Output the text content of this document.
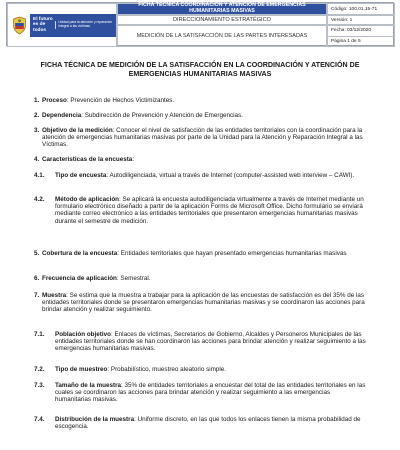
El futuro es de todos
Unidad para la atención y reparación integral a las víctimas
FICHA TÉCNICA COORDINACIÓN Y ATENCIÓN DE EMERGENCIAS HUMANITARIAS MASIVAS
DIRECCIONAMIENTO ESTRATÉGICO
MEDICIÓN DE LA SATISFACCIÓN DE LAS PARTES INTERESADAS
Código: 100,01,15-71
Versión: 1
Fecha: 03/12/2020
Página 1 de 5
FICHA TÉCNICA DE MEDICIÓN DE LA SATISFACCIÓN EN LA COORDINACIÓN Y ATENCIÓN DE EMERGENCIAS HUMANITARIAS MASIVAS
1. Proceso: Prevención de Hechos Victimizantes.
2. Dependencia: Subdirección de Prevención y Atención de Emergencias.
3. Objetivo de la medición: Conocer el nivel de satisfacción de las entidades territoriales con la coordinación para la atención de emergencias humanitarias masivas por parte de la Unidad para la Atención y Reparación Integral a las Víctimas.
4. Características de la encuesta:
4.1.	Tipo de encuesta: Autodiligenciada, virtual a través de Internet (computer-assisted web interview – CAWI).
4.2.	Método de aplicación: Se aplicará la encuesta autodiligenciada virtualmente a través de Internet mediante un formulario electrónico diseñado a partir de la aplicación Forms de Microsoft Office. Dicho formulario se enviará mediante correo electrónico a las entidades territoriales que presentaron emergencias humanitarias masivas durante el semestre de medición.
5. Cobertura de la encuesta: Entidades territoriales que hayan presentado emergencias humanitarias masivas
6. Frecuencia de aplicación: Semestral.
7. Muestra: Se estima que la muestra a trabajar para la aplicación de las encuestas de satisfacción es del 35% de las entidades territoriales donde se presentaron emergencias humanitarias masivas y se coordinaron las acciones para brindar atención y realizar seguimiento.
7.1.	Población objetivo: Enlaces de víctimas, Secretarios de Gobierno, Alcaldes y Personeros Municipales de las entidades territoriales donde se han coordinaron las acciones para brindar atención y realizar seguimiento a las emergencias humanitarias masivas.
7.2.	Tipo de muestreo: Probabilístico, muestreo aleatorio simple.
7.3.	Tamaño de la muestra: 35% de entidades territoriales a encuestar del total de las entidades territoriales en las cuales se coordinaron las acciones para brindar atención y realizar seguimiento a las emergencias humanitarias masivas.
7.4.	Distribución de la muestra: Uniforme discreto, en las que todos los enlaces tienen la misma probabilidad de escogencia.
